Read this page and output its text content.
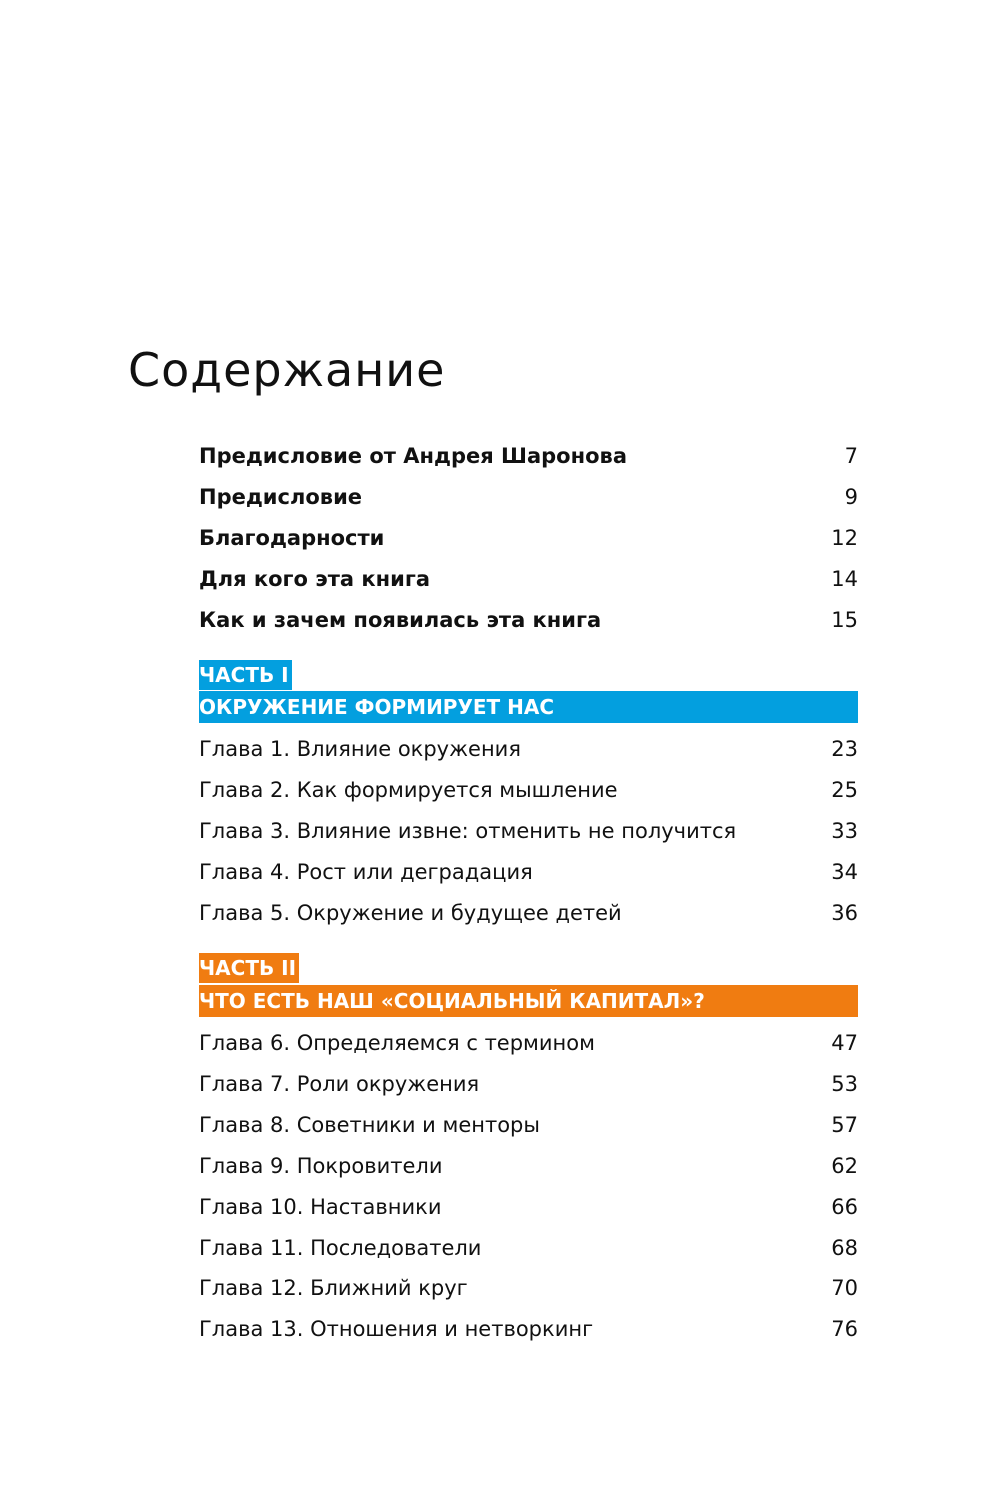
Содержание
Предисловие от Андрея Шаронова	7
Предисловие	9
Благодарности	12
Для кого эта книга	14
Как и зачем появилась эта книга	15
ЧАСТЬ I
ОКРУЖЕНИЕ ФОРМИРУЕТ НАС
Глава 1. Влияние окружения	23
Глава 2. Как формируется мышление	25
Глава 3. Влияние извне: отменить не получится	33
Глава 4. Рост или деградация	34
Глава 5. Окружение и будущее детей	36
ЧАСТЬ II
ЧТО ЕСТЬ НАШ «СОЦИАЛЬНЫЙ КАПИТАЛ»?
Глава 6. Определяемся с термином	47
Глава 7. Роли окружения	53
Глава 8. Советники и менторы	57
Глава 9. Покровители	62
Глава 10. Наставники	66
Глава 11. Последователи	68
Глава 12. Ближний круг	70
Глава 13. Отношения и нетворкинг	76
